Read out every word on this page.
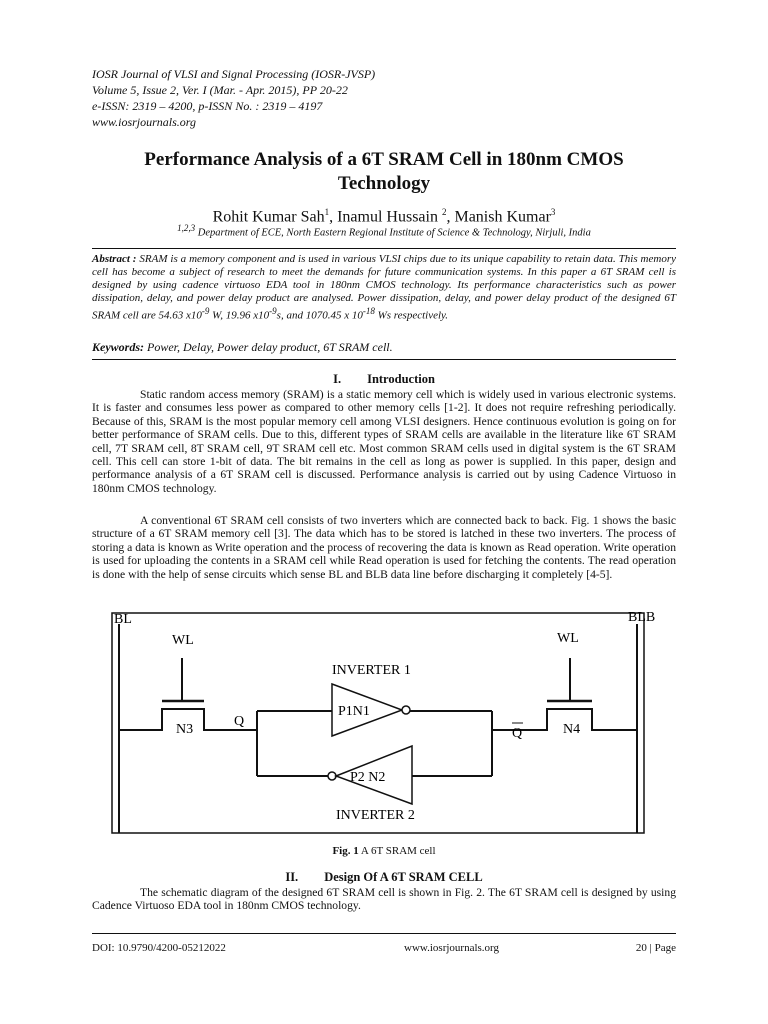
IOSR Journal of VLSI and Signal Processing (IOSR-JVSP)
Volume 5, Issue 2, Ver. I (Mar. - Apr. 2015), PP 20-22
e-ISSN: 2319 – 4200, p-ISSN No. : 2319 – 4197
www.iosrjournals.org
Performance Analysis of a 6T SRAM Cell in 180nm CMOS
Technology
Rohit Kumar Sah$^1$, Inamul Hussain $^2$, Manish Kumar$^3$
$^{1,2,3}$ Department of ECE, North Eastern Regional Institute of Science & Technology, Nirjuli, India
Abstract : SRAM is a memory component and is used in various VLSI chips due to its unique capability to retain data. This memory cell has become a subject of research to meet the demands for future communication systems. In this paper a 6T SRAM cell is designed by using cadence virtuoso EDA tool in 180nm CMOS technology. Its performance characteristics such as power dissipation, delay, and power delay product are analysed. Power dissipation, delay, and power delay product of the designed 6T SRAM cell are 54.63 $x10^{-9}$ W, 19.96 $x10^{-9}s$, and 1070.45 x $10^{-18}$ Ws respectively.
Keywords: Power, Delay, Power delay product, 6T SRAM cell.
I. Introduction
Static random access memory (SRAM) is a static memory cell which is widely used in various electronic systems. It is faster and consumes less power as compared to other memory cells [1-2]. It does not require refreshing periodically. Because of this, SRAM is the most popular memory cell among VLSI designers. Hence continuous evolution is going on for better performance of SRAM cells. Due to this, different types of SRAM cells are available in the literature like 6T SRAM cell, 7T SRAM cell, 8T SRAM cell, 9T SRAM cell etc. Most common SRAM cells used in digital system is the 6T SRAM cell. This cell can store 1-bit of data. The bit remains in the cell as long as power is supplied. In this paper, design and performance analysis of a 6T SRAM cell is discussed. Performance analysis is carried out by using Cadence Virtuoso in 180nm CMOS technology.
A conventional 6T SRAM cell consists of two inverters which are connected back to back. Fig. 1 shows the basic structure of a 6T SRAM memory cell [3]. The data which has to be stored is latched in these two inverters. The process of storing a data is known as Write operation and the process of recovering the data is known as Read operation. Write operation is used for uploading the contents in a SRAM cell while Read operation is used for fetching the contents. The read operation is done with the help of sense circuits which sense BL and BLB data line before discharging it completely [4-5].
BL	BLB
WL
N3
Q
WL
N4
Q
INVERTER 1
P1N1
P2 N2
INVERTER 2
Fig. 1 A 6T SRAM cell
II. Design Of A 6T SRAM CELL
The schematic diagram of the designed 6T SRAM cell is shown in Fig. 2. The 6T SRAM cell is designed by using Cadence Virtuoso EDA tool in 180nm CMOS technology.
DOI: 10.9790/4200-05212022	www.iosrjournals.org	20 | Page
